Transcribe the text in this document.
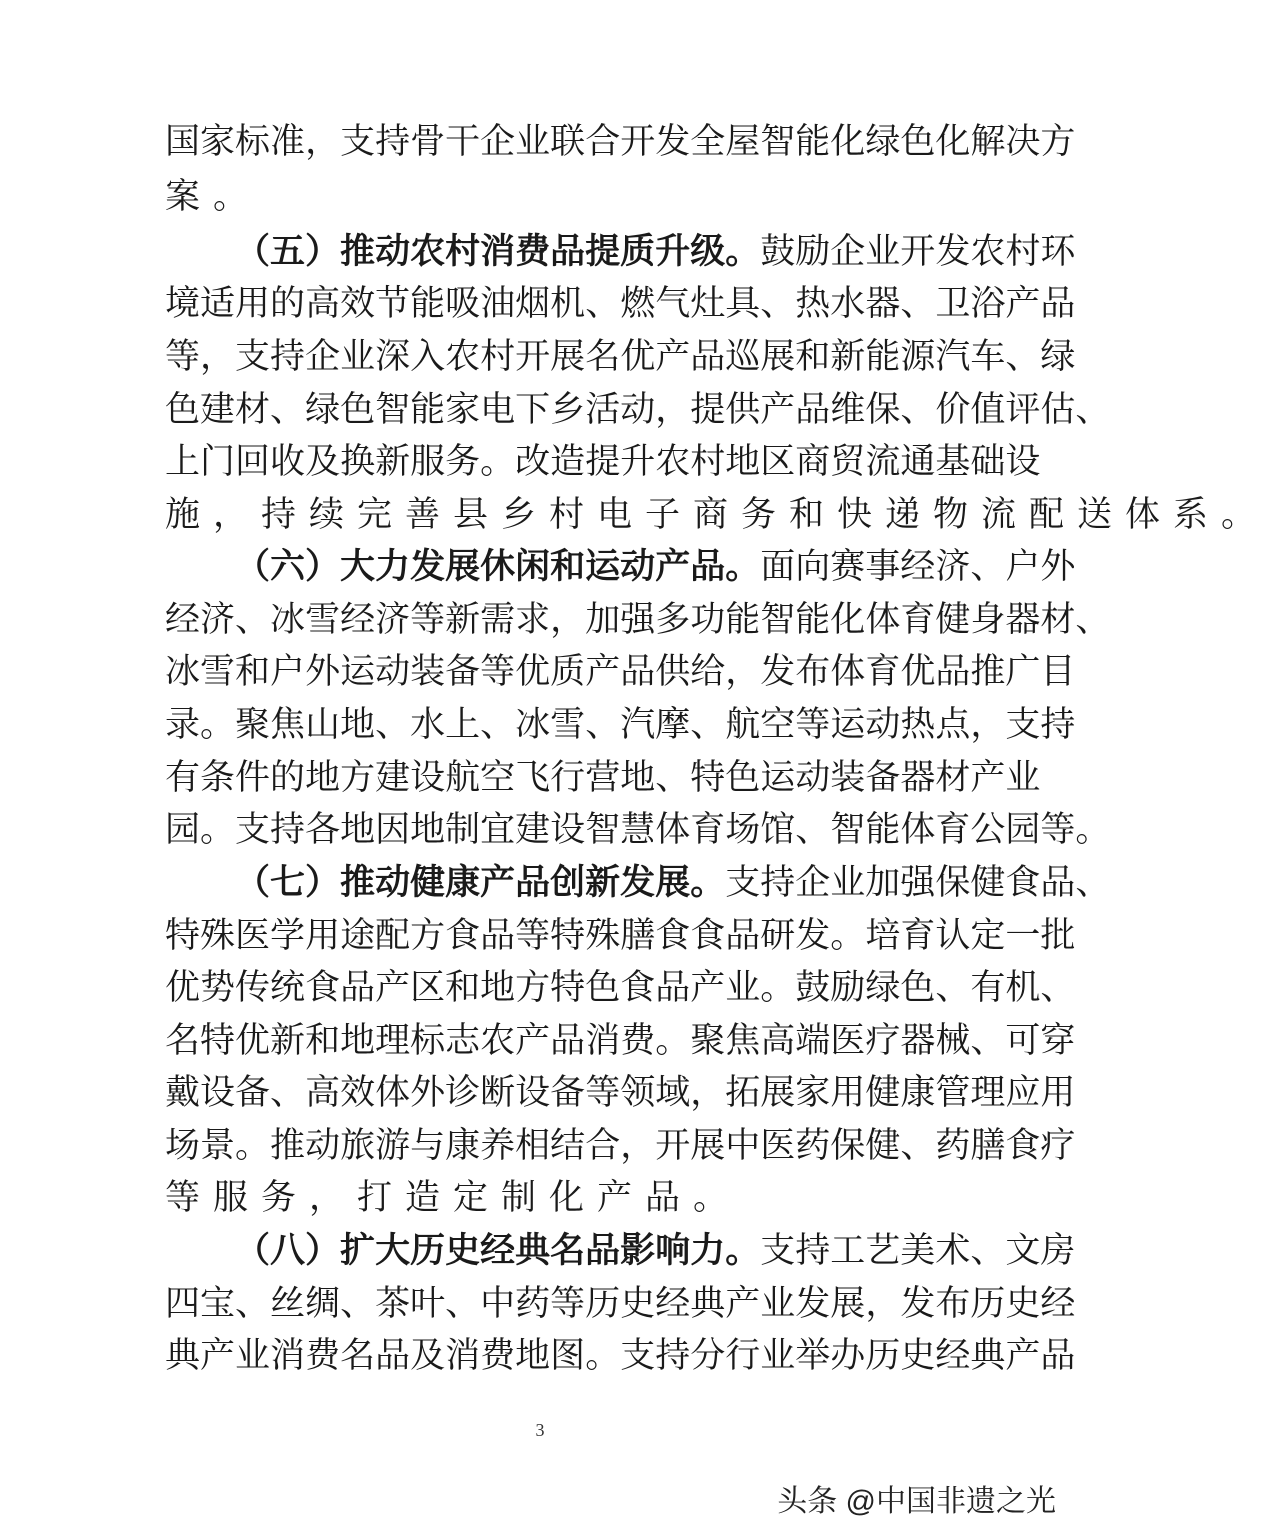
国 家 标 准 ， 支 持 骨 干 企 业 联 合 开 发 全 屋 智 能 化 绿 色 化 解 决 方
案。
（ 五 ） 推 动 农 村 消 费 品 提 质 升 级 。 鼓 励 企 业 开 发 农 村 环
境 适 用 的 高 效 节 能 吸 油 烟 机 、 燃 气 灶 具 、 热 水 器 、 卫 浴 产 品
等 ， 支 持 企 业 深 入 农 村 开 展 名 优 产 品 巡 展 和 新 能 源 汽 车 、 绿
色 建 材 、 绿 色 智 能 家 电 下 乡 活 动 ， 提 供 产 品 维 保 、 价 值 评 估 、
上 门 回 收 及 换 新 服 务 。 改 造 提 升 农 村 地 区 商 贸 流 通 基 础 设
施，持续完善县乡村电子商务和快递物流配送体系。
（ 六 ） 大 力 发 展 休 闲 和 运 动 产 品 。 面 向 赛 事 经 济 、 户 外
经 济 、 冰 雪 经 济 等 新 需 求 ， 加 强 多 功 能 智 能 化 体 育 健 身 器 材 、
冰 雪 和 户 外 运 动 装 备 等 优 质 产 品 供 给 ， 发 布 体 育 优 品 推 广 目
录 。 聚 焦 山 地 、 水 上 、 冰 雪 、 汽 摩 、 航 空 等 运 动 热 点 ， 支 持
有 条 件 的 地 方 建 设 航 空 飞 行 营 地 、 特 色 运 动 装 备 器 材 产 业
园 。 支 持 各 地 因 地 制 宜 建 设 智 慧 体 育 场 馆 、 智 能 体 育 公 园 等 。
（ 七 ） 推 动 健 康 产 品 创 新 发 展 。 支 持 企 业 加 强 保 健 食 品 、
特 殊 医 学 用 途 配 方 食 品 等 特 殊 膳 食 食 品 研 发 。 培 育 认 定 一 批
优 势 传 统 食 品 产 区 和 地 方 特 色 食 品 产 业 。 鼓 励 绿 色 、 有 机 、
名 特 优 新 和 地 理 标 志 农 产 品 消 费 。 聚 焦 高 端 医 疗 器 械 、 可 穿
戴 设 备 、 高 效 体 外 诊 断 设 备 等 领 域 ， 拓 展 家 用 健 康 管 理 应 用
场 景 。 推 动 旅 游 与 康 养 相 结 合 ， 开 展 中 医 药 保 健 、 药 膳 食 疗
等服务，打造定制化产品。
（ 八 ） 扩 大 历 史 经 典 名 品 影 响 力 。 支 持 工 艺 美 术 、 文 房
四 宝 、 丝 绸 、 茶 叶 、 中 药 等 历 史 经 典 产 业 发 展 ， 发 布 历 史 经
典 产 业 消 费 名 品 及 消 费 地 图 。 支 持 分 行 业 举 办 历 史 经 典 产 品
3
头条 @中国非遗之光
